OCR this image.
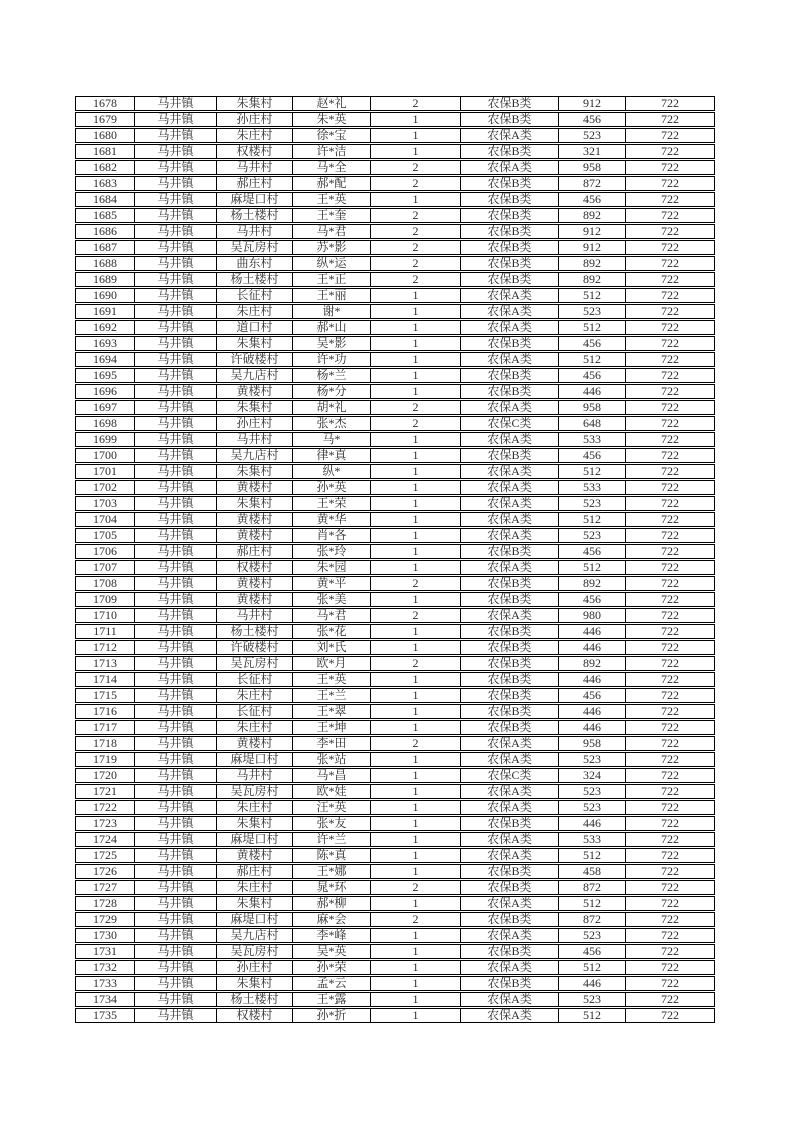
1678	马井镇	朱集村	赵*礼	2	农保B类	912	722
1679	马井镇	孙庄村	朱*英	1	农保B类	456	722
1680	马井镇	朱庄村	徐*宝	1	农保A类	523	722
1681	马井镇	权楼村	许*洁	1	农保B类	321	722
1682	马井镇	马井村	马*全	2	农保A类	958	722
1683	马井镇	郝庄村	郝*配	2	农保B类	872	722
1684	马井镇	麻堤口村	王*英	1	农保B类	456	722
1685	马井镇	杨土楼村	王*奎	2	农保B类	892	722
1686	马井镇	马井村	马*君	2	农保B类	912	722
1687	马井镇	吴瓦房村	苏*影	2	农保B类	912	722
1688	马井镇	曲东村	纵*运	2	农保B类	892	722
1689	马井镇	杨土楼村	王*正	2	农保B类	892	722
1690	马井镇	长征村	王*丽	1	农保A类	512	722
1691	马井镇	朱庄村	谢*	1	农保A类	523	722
1692	马井镇	道口村	郝*山	1	农保A类	512	722
1693	马井镇	朱集村	吴*影	1	农保B类	456	722
1694	马井镇	许破楼村	许*功	1	农保A类	512	722
1695	马井镇	吴九店村	杨*兰	1	农保B类	456	722
1696	马井镇	黄楼村	杨*分	1	农保B类	446	722
1697	马井镇	朱集村	胡*礼	2	农保A类	958	722
1698	马井镇	孙庄村	张*杰	2	农保C类	648	722
1699	马井镇	马井村	马*	1	农保A类	533	722
1700	马井镇	吴九店村	律*真	1	农保B类	456	722
1701	马井镇	朱集村	纵*	1	农保A类	512	722
1702	马井镇	黄楼村	孙*英	1	农保A类	533	722
1703	马井镇	朱集村	王*荣	1	农保A类	523	722
1704	马井镇	黄楼村	黄*华	1	农保A类	512	722
1705	马井镇	黄楼村	肖*各	1	农保A类	523	722
1706	马井镇	郝庄村	张*玲	1	农保B类	456	722
1707	马井镇	权楼村	朱*园	1	农保A类	512	722
1708	马井镇	黄楼村	黄*平	2	农保B类	892	722
1709	马井镇	黄楼村	张*美	1	农保B类	456	722
1710	马井镇	马井村	马*君	2	农保A类	980	722
1711	马井镇	杨土楼村	张*花	1	农保B类	446	722
1712	马井镇	许破楼村	刘*氏	1	农保B类	446	722
1713	马井镇	吴瓦房村	欧*月	2	农保B类	892	722
1714	马井镇	长征村	王*英	1	农保B类	446	722
1715	马井镇	朱庄村	王*兰	1	农保B类	456	722
1716	马井镇	长征村	王*翠	1	农保B类	446	722
1717	马井镇	朱庄村	王*坤	1	农保B类	446	722
1718	马井镇	黄楼村	李*田	2	农保A类	958	722
1719	马井镇	麻堤口村	张*站	1	农保A类	523	722
1720	马井镇	马井村	马*昌	1	农保C类	324	722
1721	马井镇	吴瓦房村	欧*娃	1	农保A类	523	722
1722	马井镇	朱庄村	汪*英	1	农保A类	523	722
1723	马井镇	朱集村	张*友	1	农保B类	446	722
1724	马井镇	麻堤口村	许*兰	1	农保A类	533	722
1725	马井镇	黄楼村	陈*真	1	农保A类	512	722
1726	马井镇	郝庄村	王*娜	1	农保B类	458	722
1727	马井镇	朱庄村	晁*环	2	农保B类	872	722
1728	马井镇	朱集村	郝*柳	1	农保A类	512	722
1729	马井镇	麻堤口村	麻*会	2	农保B类	872	722
1730	马井镇	吴九店村	李*峰	1	农保A类	523	722
1731	马井镇	吴瓦房村	吴*英	1	农保B类	456	722
1732	马井镇	孙庄村	孙*荣	1	农保A类	512	722
1733	马井镇	朱集村	孟*云	1	农保B类	446	722
1734	马井镇	杨土楼村	王*露	1	农保A类	523	722
1735	马井镇	权楼村	孙*折	1	农保A类	512	722
